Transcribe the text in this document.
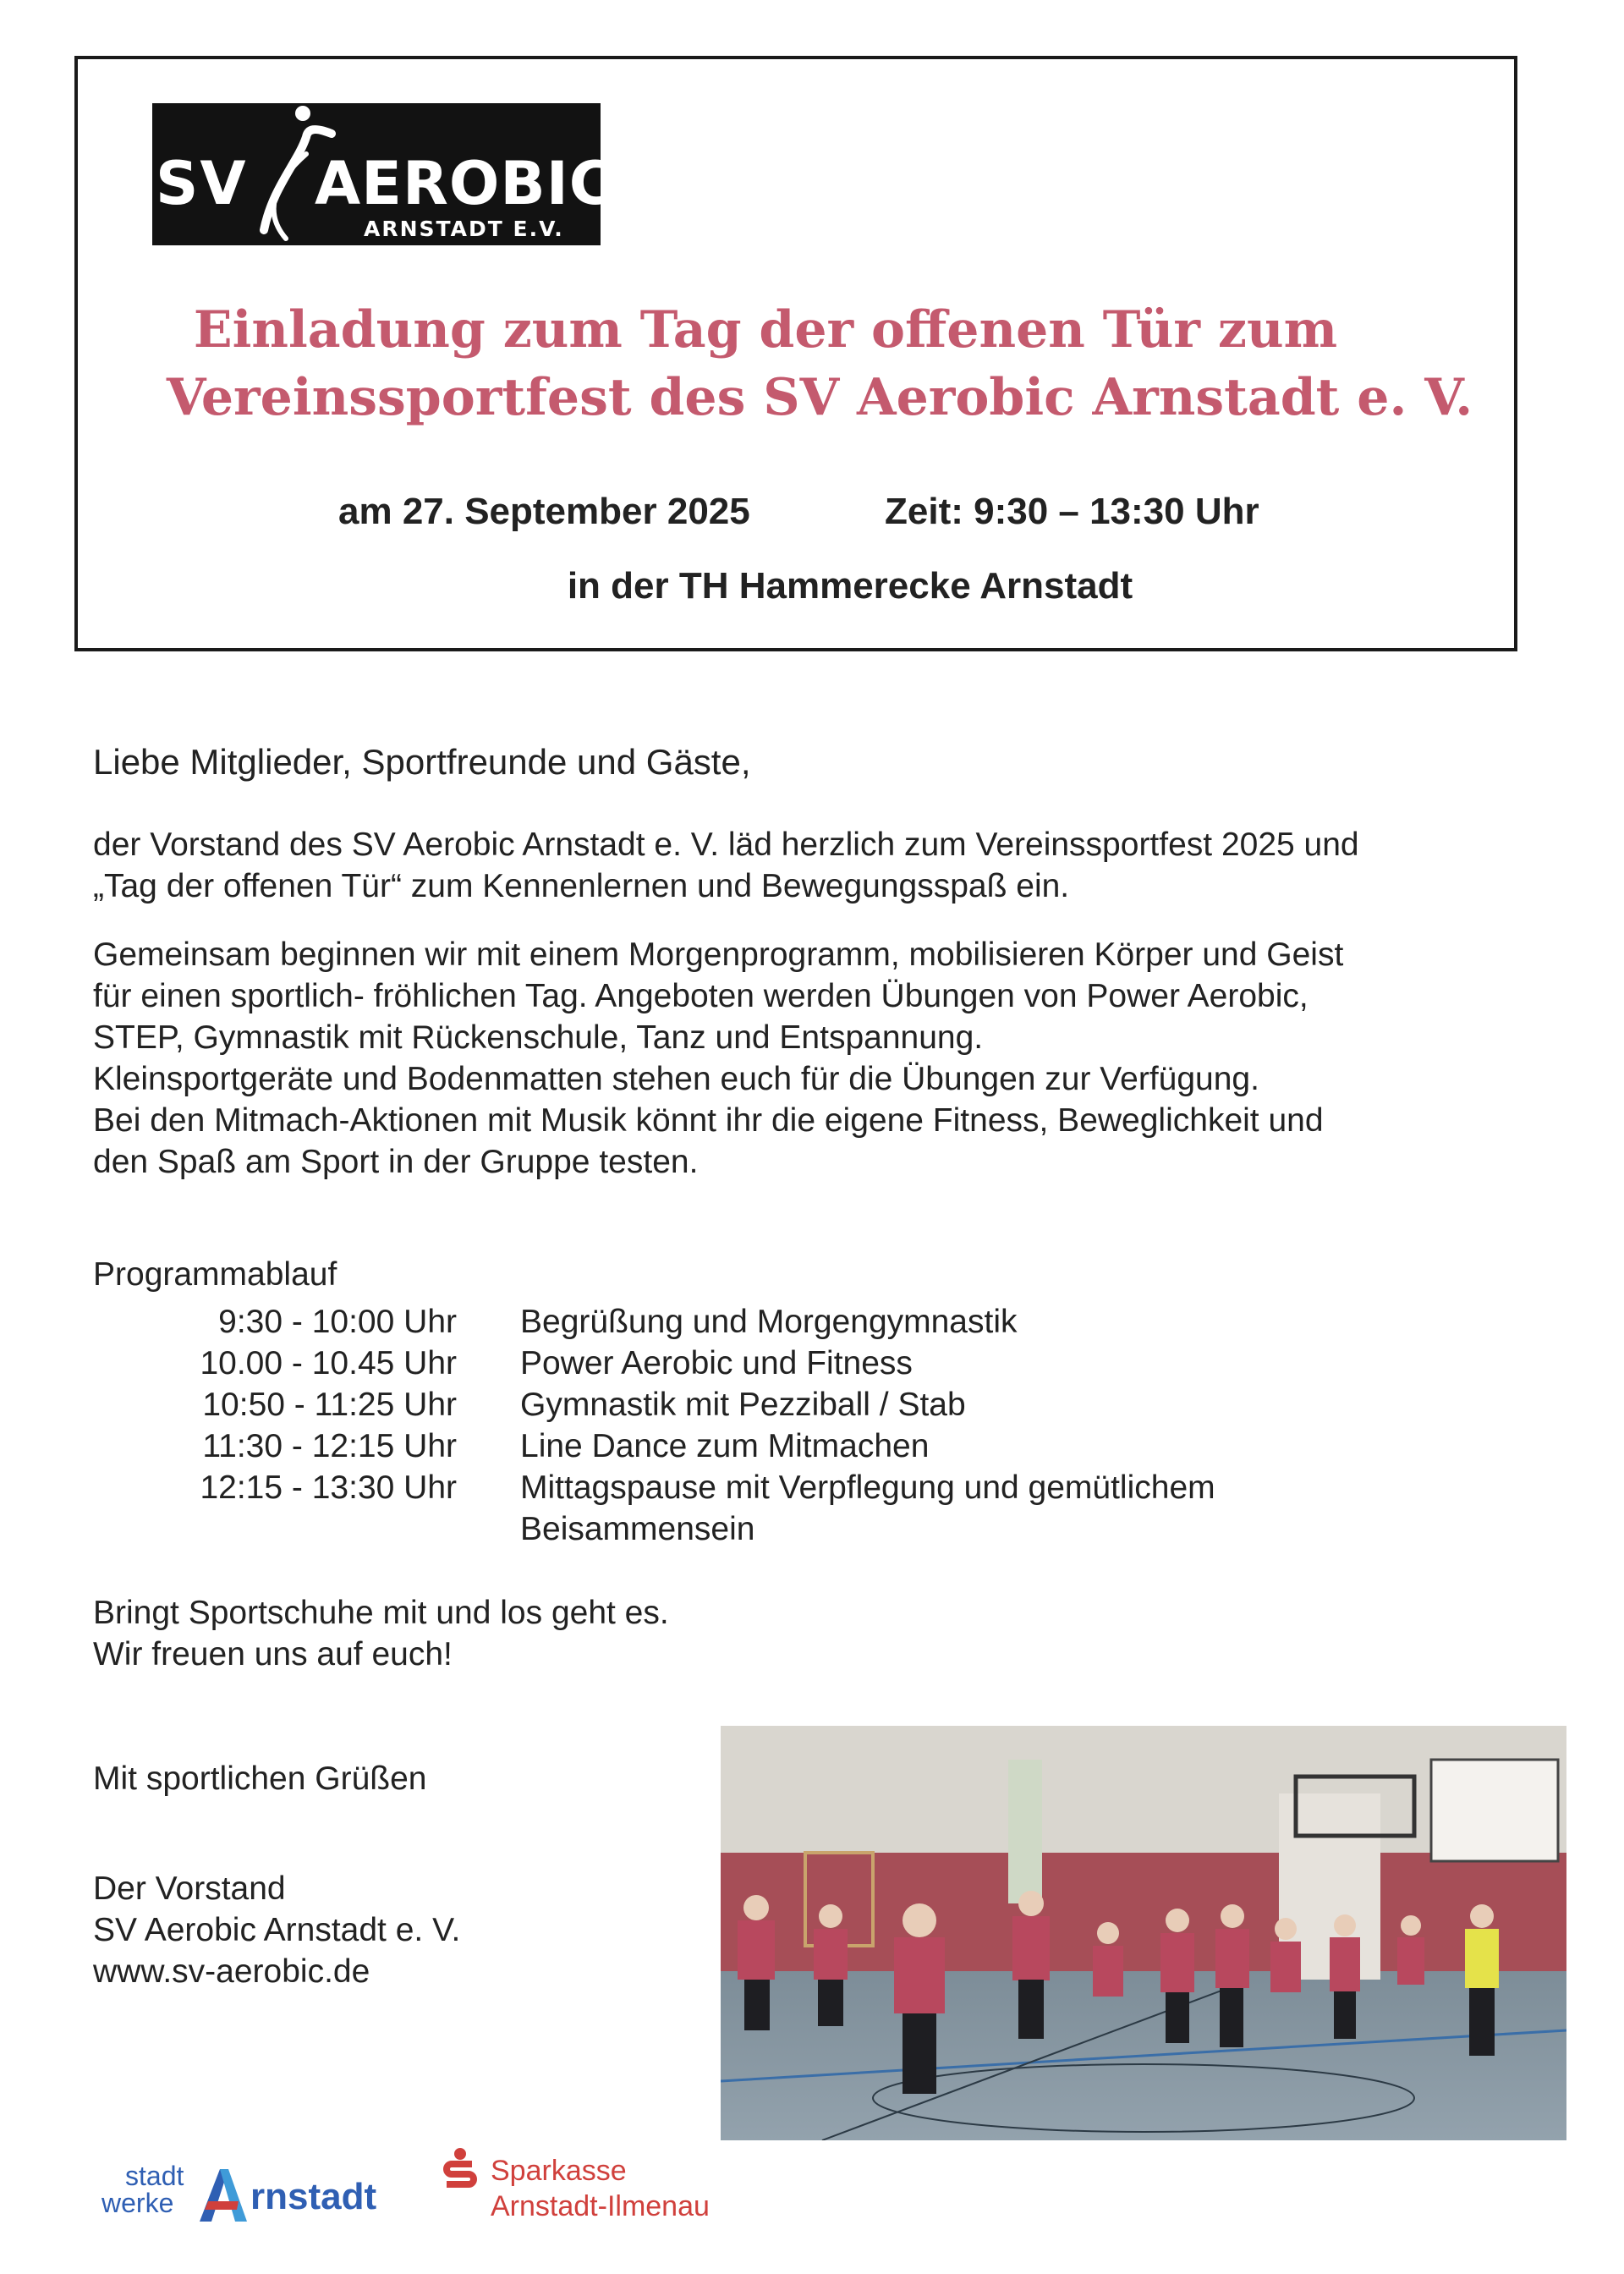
SV AEROBIC
ARNSTADT E.V.
Einladung zum Tag der offenen Tür zum
Vereinssportfest des SV Aerobic Arnstadt e. V.
am 27. September 2025	Zeit: 9:30 – 13:30 Uhr
in der TH Hammerecke Arnstadt
Liebe Mitglieder, Sportfreunde und Gäste,
der Vorstand des SV Aerobic Arnstadt e. V. läd herzlich zum Vereinssportfest 2025 und
„Tag der offenen Tür“ zum Kennenlernen und Bewegungsspaß ein.
Gemeinsam beginnen wir mit einem Morgenprogramm, mobilisieren Körper und Geist
für einen sportlich- fröhlichen Tag. Angeboten werden Übungen von Power Aerobic,
STEP, Gymnastik mit Rückenschule, Tanz und Entspannung.
Kleinsportgeräte und Bodenmatten stehen euch für die Übungen zur Verfügung.
Bei den Mitmach-Aktionen mit Musik könnt ihr die eigene Fitness, Beweglichkeit und
den Spaß am Sport in der Gruppe testen.
Programmablauf
9:30 - 10:00 Uhr	Begrüßung und Morgengymnastik
10.00 - 10.45 Uhr	Power Aerobic und Fitness
10:50 - 11:25 Uhr	Gymnastik mit Pezziball / Stab
11:30 - 12:15 Uhr	Line Dance zum Mitmachen
12:15 - 13:30 Uhr	Mittagspause mit Verpflegung und gemütlichem
Beisammensein
Bringt Sportschuhe mit und los geht es.
Wir freuen uns auf euch!
Mit sportlichen Grüßen
Der Vorstand
SV Aerobic Arnstadt e. V.
www.sv-aerobic.de
stadt
werke rnstadt
Sparkasse
Arnstadt-Ilmenau
